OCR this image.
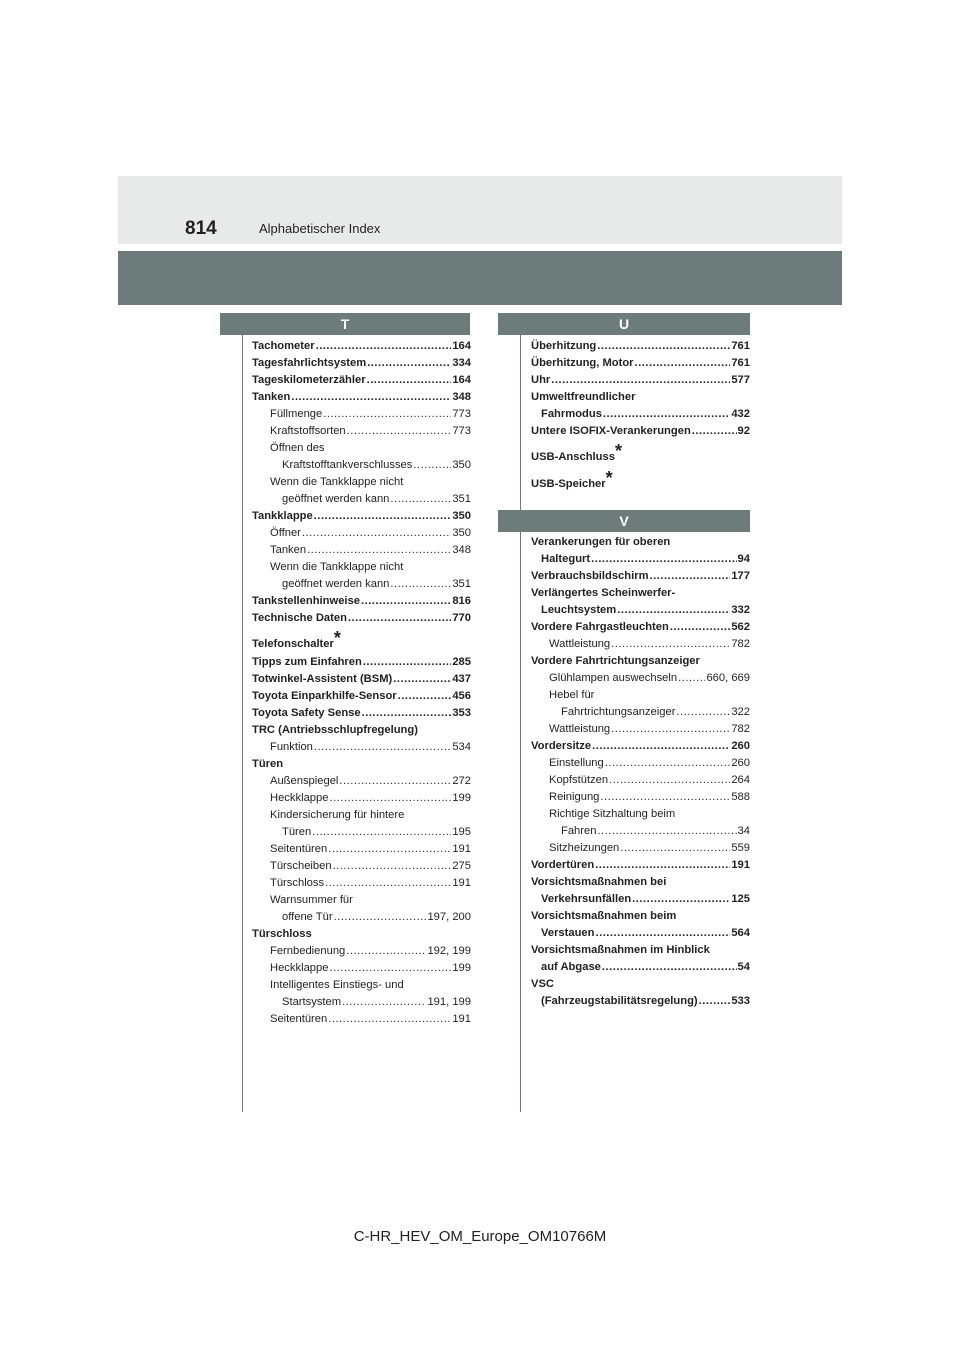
814	Alphabetischer Index
T	U
V
Tachometer .....	164
Tagesfahrlichtsystem .....	334
Tageskilometerzähler .....	164
Tanken .....	348
Füllmenge .....	773
Kraftstoffsorten .....	773
Öffnen des
Kraftstofftankverschlusses .....	350
Wenn die Tankklappe nicht
geöffnet werden kann .....	351
Tankklappe .....	350
Öffner .....	350
Tanken .....	348
Wenn die Tankklappe nicht
geöffnet werden kann .....	351
Tankstellenhinweise .....	816
Technische Daten .....	770
Telefonschalter *
Tipps zum Einfahren .....	285
Totwinkel-Assistent (BSM) .....	437
Toyota Einparkhilfe-Sensor .....	456
Toyota Safety Sense .....	353
TRC (Antriebsschlupfregelung)
Funktion .....	534
Türen
Außenspiegel .....	272
Heckklappe .....	199
Kindersicherung für hintere
Türen .....	195
Seitentüren .....	191
Türscheiben .....	275
Türschloss .....	191
Warnsummer für
offene Tür .....	197, 200
Türschloss
Fernbedienung .....	192, 199
Heckklappe .....	199
Intelligentes Einstiegs- und
Startsystem .....	191, 199
Seitentüren .....	191
Überhitzung .....	761
Überhitzung, Motor .....	761
Uhr .....	577
Umweltfreundlicher
Fahrmodus .....	432
Untere ISOFIX-Verankerungen .....	92
USB-Anschluss *
USB-Speicher *
Verankerungen für oberen
Haltegurt .....	94
Verbrauchsbildschirm .....	177
Verlängertes Scheinwerfer-
Leuchtsystem .....	332
Vordere Fahrgastleuchten .....	562
Wattleistung .....	782
Vordere Fahrtrichtungsanzeiger
Glühlampen auswechseln .....	660, 669
Hebel für
Fahrtrichtungsanzeiger .....	322
Wattleistung .....	782
Vordersitze .....	260
Einstellung .....	260
Kopfstützen .....	264
Reinigung .....	588
Richtige Sitzhaltung beim
Fahren .....	34
Sitzheizungen .....	559
Vordertüren .....	191
Vorsichtsmaßnahmen bei
Verkehrsunfällen .....	125
Vorsichtsmaßnahmen beim
Verstauen .....	564
Vorsichtsmaßnahmen im Hinblick
auf Abgase .....	54
VSC
(Fahrzeugstabilitätsregelung) .....	533
C-HR_HEV_OM_Europe_OM10766M
